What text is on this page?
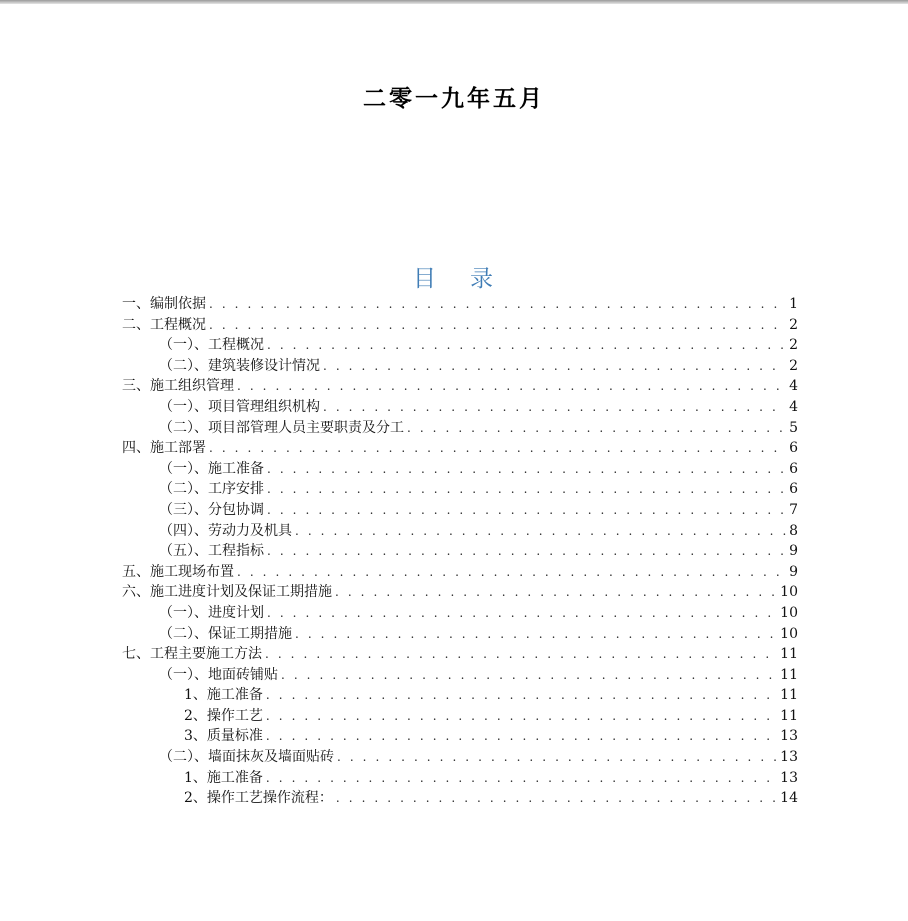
二零一九年五月
目 录
一、编制依据 . . .	1
二、工程概况 . . .	2
（一）、工程概况 . . .	2
（二）、建筑装修设计情况 . . .	2
三、施工组织管理 . . .	4
（一）、项目管理组织机构 . . .	4
（二）、项目部管理人员主要职责及分工 . . .	5
四、施工部署 . . .	6
（一）、施工准备 . . .	6
（二）、工序安排 . . .	6
（三）、分包协调 . . .	7
（四）、劳动力及机具 . . .	8
（五）、工程指标 . . .	9
五、施工现场布置 . . .	9
六、施工进度计划及保证工期措施 . . .	10
（一）、进度计划 . . .	10
（二）、保证工期措施 . . .	10
七、工程主要施工方法 . . .	11
（一）、地面砖铺贴 . . .	11
1、施工准备 . . .	11
2、操作工艺 . . .	11
3、质量标准 . . .	13
（二）、墙面抹灰及墙面贴砖 . . .	13
1、施工准备 . . .	13
2、操作工艺操作流程： . . .	14
